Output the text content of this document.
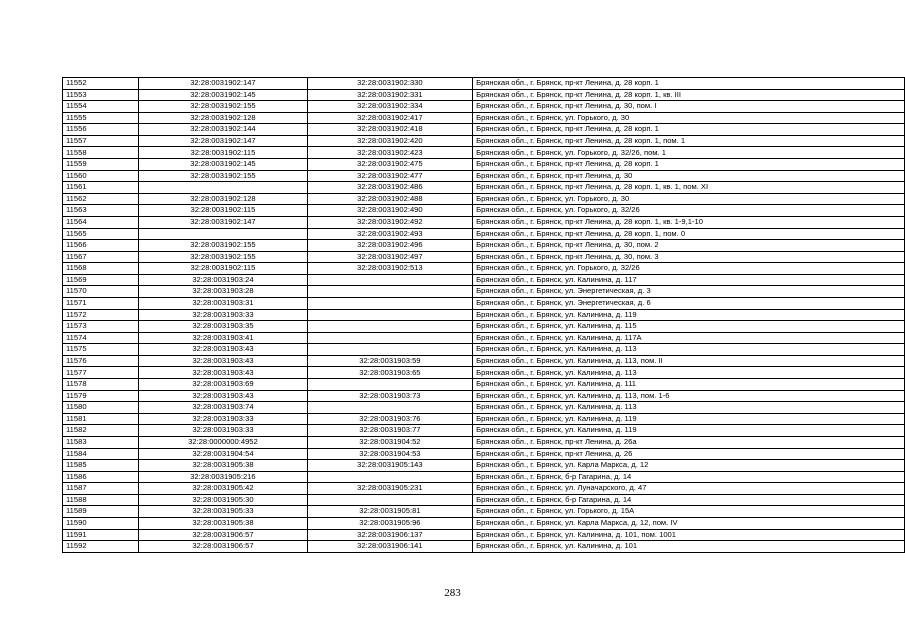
11552	32:28:0031902:147	32:28:0031902:330	Брянская обл., г. Брянск, пр-кт Ленина, д. 28 корп. 1
11553	32:28:0031902:145	32:28:0031902:331	Брянская обл., г. Брянск, пр-кт Ленина, д. 28 корп. 1, кв. III
11554	32:28:0031902:155	32:28:0031902:334	Брянская обл., г. Брянск, пр-кт Ленина, д. 30, пом. I
11555	32:28:0031902:128	32:28:0031902:417	Брянская обл., г. Брянск, ул. Горького, д. 30
11556	32:28:0031902:144	32:28:0031902:418	Брянская обл., г. Брянск, пр-кт Ленина, д. 28 корп. 1
11557	32:28:0031902:147	32:28:0031902:420	Брянская обл., г. Брянск, пр-кт Ленина, д. 28 корп. 1, пом. 1
11558	32:28:0031902:115	32:28:0031902:423	Брянская обл., г. Брянск, ул. Горького, д. 32/26, пом. 1
11559	32:28:0031902:145	32:28:0031902:475	Брянская обл., г. Брянск, пр-кт Ленина, д. 28 корп. 1
11560	32:28:0031902:155	32:28:0031902:477	Брянская обл., г. Брянск, пр-кт Ленина, д. 30
11561		32:28:0031902:486	Брянская обл., г. Брянск, пр-кт Ленина, д. 28 корп. 1, кв. 1, пом. XI
11562	32:28:0031902:128	32:28:0031902:488	Брянская обл., г. Брянск, ул. Горького, д. 30
11563	32:28:0031902:115	32:28:0031902:490	Брянская обл., г. Брянск, ул. Горького, д. 32/26
11564	32:28:0031902:147	32:28:0031902:492	Брянская обл., г. Брянск, пр-кт Ленина, д. 28 корп. 1, кв. 1-9,1-10
11565		32:28:0031902:493	Брянская обл., г. Брянск, пр-кт Ленина, д. 28 корп. 1, пом. 0
11566	32:28:0031902:155	32:28:0031902:496	Брянская обл., г. Брянск, пр-кт Ленина, д. 30, пом. 2
11567	32:28:0031902:155	32:28:0031902:497	Брянская обл., г. Брянск, пр-кт Ленина, д. 30, пом. 3
11568	32:28:0031902:115	32:28:0031902:513	Брянская обл., г. Брянск, ул. Горького, д. 32/26
11569	32:28:0031903:24		Брянская обл., г. Брянск, ул. Калинина, д. 117
11570	32:28:0031903:28		Брянская обл., г. Брянск, ул. Энергетическая, д. 3
11571	32:28:0031903:31		Брянская обл., г. Брянск, ул. Энергетическая, д. 6
11572	32:28:0031903:33		Брянская обл., г. Брянск, ул. Калинина, д. 119
11573	32:28:0031903:35		Брянская обл., г. Брянск, ул. Калинина, д. 115
11574	32:28:0031903:41		Брянская обл., г. Брянск, ул. Калинина, д. 117А
11575	32:28:0031903:43		Брянская обл., г. Брянск, ул. Калинина, д. 113
11576	32:28:0031903:43	32:28:0031903:59	Брянская обл., г. Брянск, ул. Калинина, д. 113, пом. II
11577	32:28:0031903:43	32:28:0031903:65	Брянская обл., г. Брянск, ул. Калинина, д. 113
11578	32:28:0031903:69		Брянская обл., г. Брянск, ул. Калинина, д. 111
11579	32:28:0031903:43	32:28:0031903:73	Брянская обл., г. Брянск, ул. Калинина, д. 113, пом. 1-6
11580	32:28:0031903:74		Брянская обл., г. Брянск, ул. Калинина, д. 113
11581	32:28:0031903:33	32:28:0031903:76	Брянская обл., г. Брянск, ул. Калинина, д. 119
11582	32:28:0031903:33	32:28:0031903:77	Брянская обл., г. Брянск, ул. Калинина, д. 119
11583	32:28:0000000:4952	32:28:0031904:52	Брянская обл., г. Брянск, пр-кт Ленина, д. 26а
11584	32:28:0031904:54	32:28:0031904:53	Брянская обл., г. Брянск, пр-кт Ленина, д. 26
11585	32:28:0031905:38	32:28:0031905:143	Брянская обл., г. Брянск, ул. Карла Маркса, д. 12
11586	32:28:0031905:216		Брянская обл., г. Брянск, б-р Гагарина, д. 14
11587	32:28:0031905:42	32:28:0031905:231	Брянская обл., г. Брянск, ул. Луначарского, д. 47
11588	32:28:0031905:30		Брянская обл., г. Брянск, б-р Гагарина, д. 14
11589	32:28:0031905:33	32:28:0031905:81	Брянская обл., г. Брянск, ул. Горького, д. 15А
11590	32:28:0031905:38	32:28:0031905:96	Брянская обл., г. Брянск, ул. Карла Маркса, д. 12, пом. IV
11591	32:28:0031906:57	32:28:0031906:137	Брянская обл., г. Брянск, ул. Калинина, д. 101, пом. 1001
11592	32:28:0031906:57	32:28:0031906:141	Брянская обл., г. Брянск, ул. Калинина, д. 101
283
